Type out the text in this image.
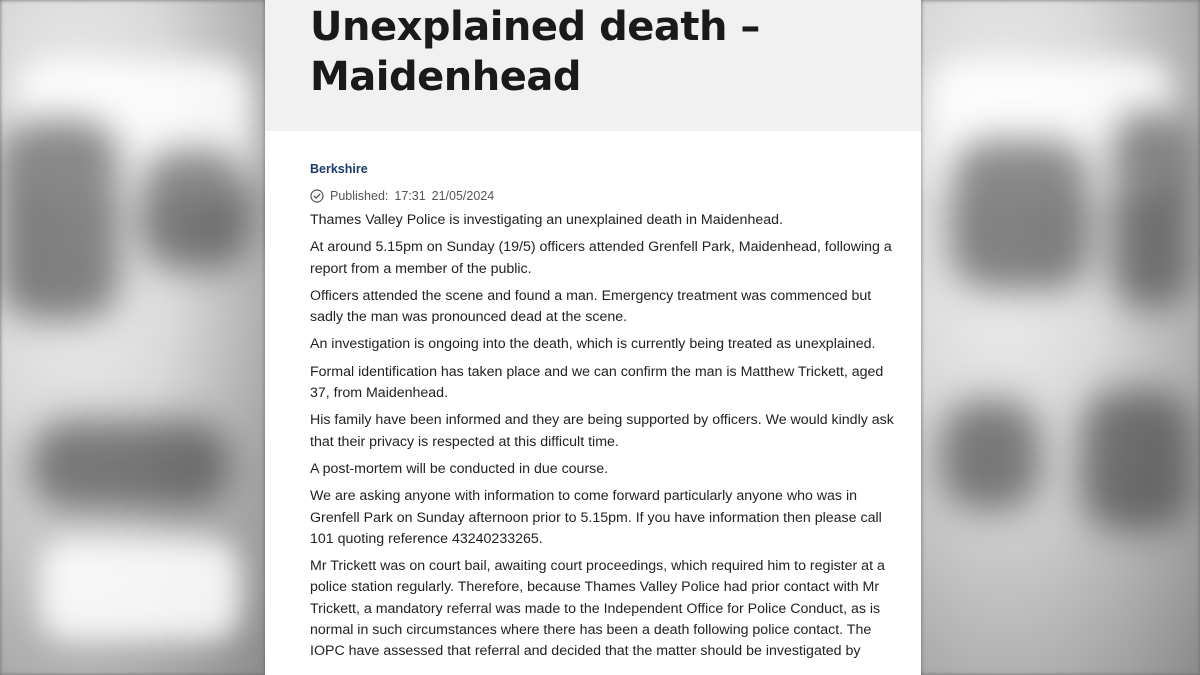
Unexplained death – Maidenhead
Berkshire
Published: 17:31 21/05/2024

Thames Valley Police is investigating an unexplained death in Maidenhead.

At around 5.15pm on Sunday (19/5) officers attended Grenfell Park, Maidenhead, following a report from a member of the public.

Officers attended the scene and found a man. Emergency treatment was commenced but sadly the man was pronounced dead at the scene.

An investigation is ongoing into the death, which is currently being treated as unexplained.

Formal identification has taken place and we can confirm the man is Matthew Trickett, aged 37, from Maidenhead.

His family have been informed and they are being supported by officers. We would kindly ask that their privacy is respected at this difficult time.

A post-mortem will be conducted in due course.

We are asking anyone with information to come forward particularly anyone who was in Grenfell Park on Sunday afternoon prior to 5.15pm. If you have information then please call 101 quoting reference 43240233265.

Mr Trickett was on court bail, awaiting court proceedings, which required him to register at a police station regularly. Therefore, because Thames Valley Police had prior contact with Mr Trickett, a mandatory referral was made to the Independent Office for Police Conduct, as is normal in such circumstances where there has been a death following police contact. The IOPC have assessed that referral and decided that the matter should be investigated by
